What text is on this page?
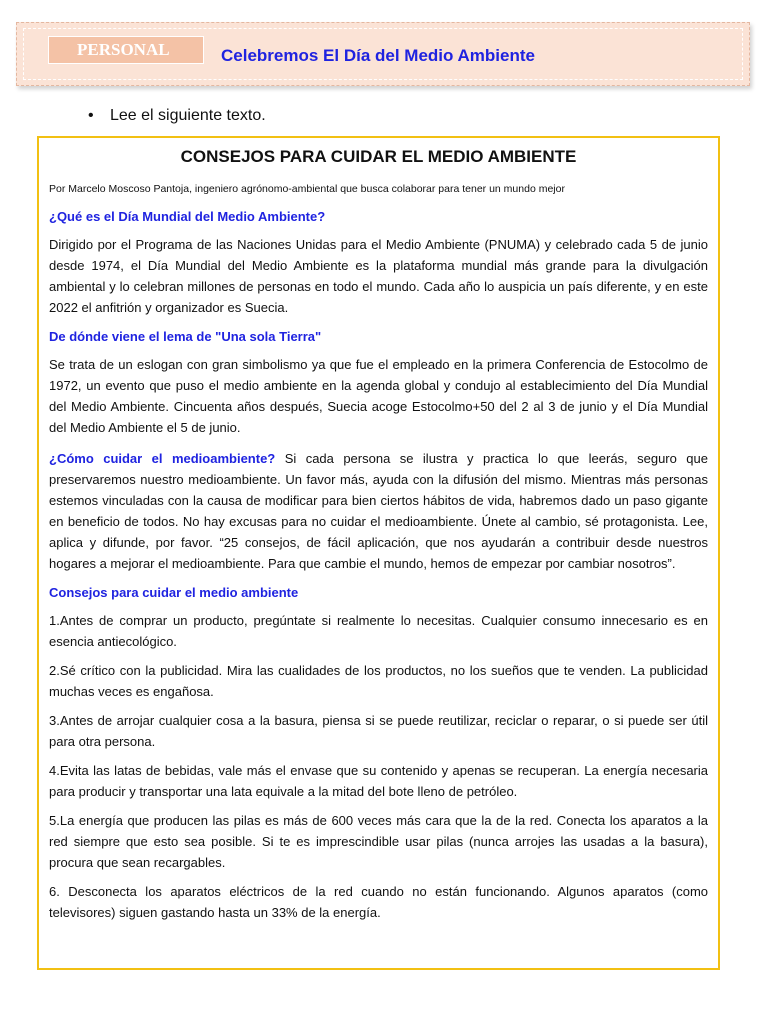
PERSONAL	Celebremos El Día del Medio Ambiente
• Lee el siguiente texto.
CONSEJOS PARA CUIDAR EL MEDIO AMBIENTE
Por Marcelo Moscoso Pantoja, ingeniero agrónomo-ambiental que busca colaborar para tener un mundo mejor
¿Qué es el Día Mundial del Medio Ambiente?
Dirigido por el Programa de las Naciones Unidas para el Medio Ambiente (PNUMA) y celebrado cada 5 de junio desde 1974, el Día Mundial del Medio Ambiente es la plataforma mundial más grande para la divulgación ambiental y lo celebran millones de personas en todo el mundo. Cada año lo auspicia un país diferente, y en este 2022 el anfitrión y organizador es Suecia.
De dónde viene el lema de "Una sola Tierra"
Se trata de un eslogan con gran simbolismo ya que fue el empleado en la primera Conferencia de Estocolmo de 1972, un evento que puso el medio ambiente en la agenda global y condujo al establecimiento del Día Mundial del Medio Ambiente. Cincuenta años después, Suecia acoge Estocolmo+50 del 2 al 3 de junio y el Día Mundial del Medio Ambiente el 5 de junio.
¿Cómo cuidar el medioambiente? Si cada persona se ilustra y practica lo que leerás, seguro que preservaremos nuestro medioambiente. Un favor más, ayuda con la difusión del mismo. Mientras más personas estemos vinculadas con la causa de modificar para bien ciertos hábitos de vida, habremos dado un paso gigante en beneficio de todos. No hay excusas para no cuidar el medioambiente. Únete al cambio, sé protagonista. Lee, aplica y difunde, por favor. “25 consejos, de fácil aplicación, que nos ayudarán a contribuir desde nuestros hogares a mejorar el medioambiente. Para que cambie el mundo, hemos de empezar por cambiar nosotros”.
Consejos para cuidar el medio ambiente
1.Antes de comprar un producto, pregúntate si realmente lo necesitas. Cualquier consumo innecesario es en esencia antiecológico.
2.Sé crítico con la publicidad. Mira las cualidades de los productos, no los sueños que te venden. La publicidad muchas veces es engañosa.
3.Antes de arrojar cualquier cosa a la basura, piensa si se puede reutilizar, reciclar o reparar, o si puede ser útil para otra persona.
4.Evita las latas de bebidas, vale más el envase que su contenido y apenas se recuperan. La energía necesaria para producir y transportar una lata equivale a la mitad del bote lleno de petróleo.
5.La energía que producen las pilas es más de 600 veces más cara que la de la red. Conecta los aparatos a la red siempre que esto sea posible. Si te es imprescindible usar pilas (nunca arrojes las usadas a la basura), procura que sean recargables.
6. Desconecta los aparatos eléctricos de la red cuando no están funcionando. Algunos aparatos (como televisores) siguen gastando hasta un 33% de la energía.
